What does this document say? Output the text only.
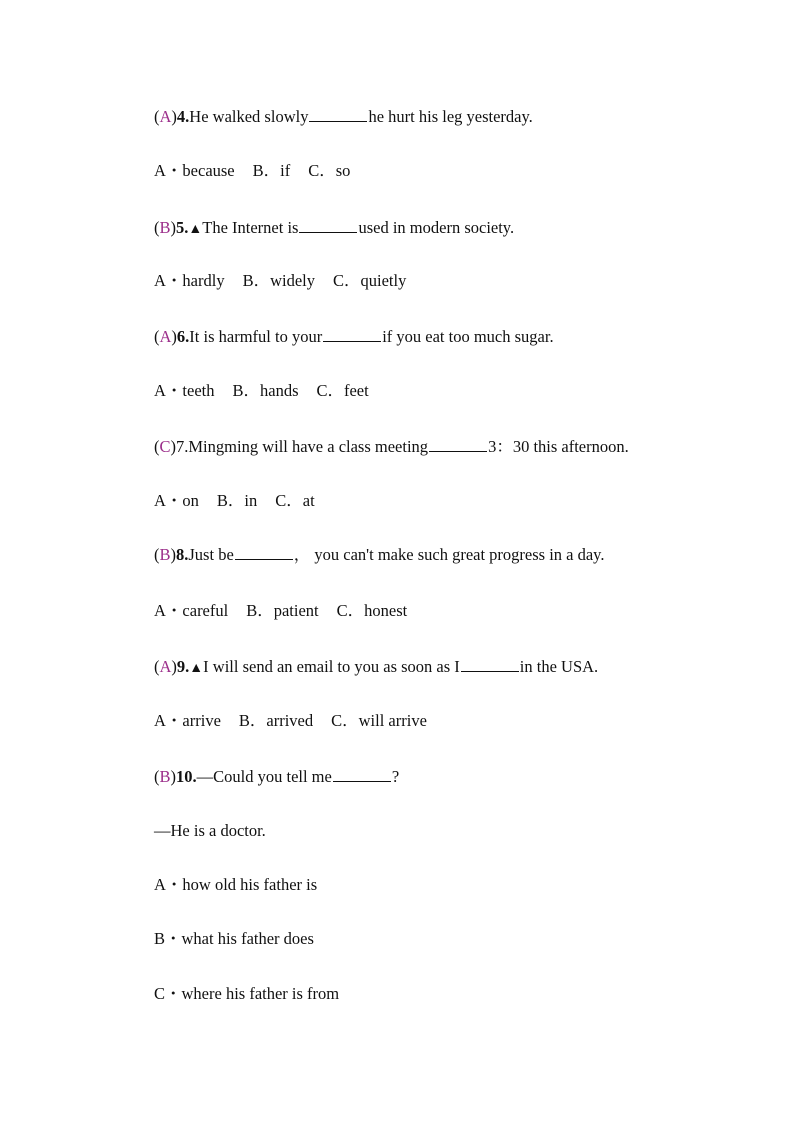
(A)4.He walked slowly	he hurt his leg yesterday.
A・because B．if C．so
(B)5.▲The Internet is	used in modern society.
A・hardly B．widely C．quietly
(A)6.It is harmful to your	if you eat too much sugar.
A・teeth B．hands C．feet
(C)7.Mingming will have a class meeting	3：30 this afternoon.
A・on B．in C．at
(B)8.Just be	， you can't make such great progress in a day.
A・careful B．patient C．honest
(A)9.▲I will send an email to you as soon as I	in the USA.
A・arrive B．arrived C．will arrive
(B)10.—Could you tell me	?
—He is a doctor.
A・how old his father is
B・what his father does
C・where his father is from
